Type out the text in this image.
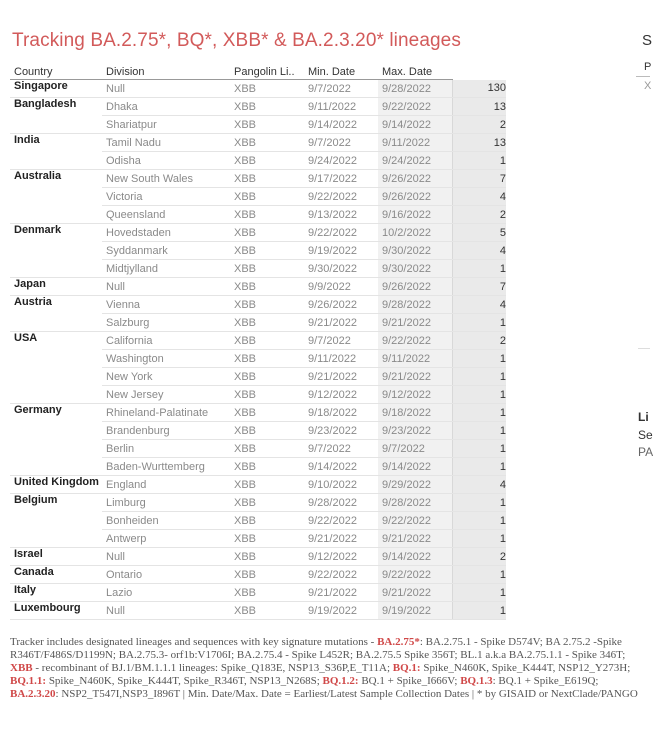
Tracking BA.2.75*, BQ*, XBB* & BA.2.3.20* lineages	S
P
X
Li
Se
PA
Country	Division	Pangolin Li..	Min. Date	Max. Date	
Singapore	Null	XBB	9/7/2022	9/28/2022	130
Bangladesh	Dhaka	XBB	9/11/2022	9/22/2022	13
	Shariatpur	XBB	9/14/2022	9/14/2022	2
India	Tamil Nadu	XBB	9/7/2022	9/11/2022	13
	Odisha	XBB	9/24/2022	9/24/2022	1
Australia	New South Wales	XBB	9/17/2022	9/26/2022	7
	Victoria	XBB	9/22/2022	9/26/2022	4
	Queensland	XBB	9/13/2022	9/16/2022	2
Denmark	Hovedstaden	XBB	9/22/2022	10/2/2022	5
	Syddanmark	XBB	9/19/2022	9/30/2022	4
	Midtjylland	XBB	9/30/2022	9/30/2022	1
Japan	Null	XBB	9/9/2022	9/26/2022	7
Austria	Vienna	XBB	9/26/2022	9/28/2022	4
	Salzburg	XBB	9/21/2022	9/21/2022	1
USA	California	XBB	9/7/2022	9/22/2022	2
	Washington	XBB	9/11/2022	9/11/2022	1
	New York	XBB	9/21/2022	9/21/2022	1
	New Jersey	XBB	9/12/2022	9/12/2022	1
Germany	Rhineland-Palatinate	XBB	9/18/2022	9/18/2022	1
	Brandenburg	XBB	9/23/2022	9/23/2022	1
	Berlin	XBB	9/7/2022	9/7/2022	1
	Baden-Wurttemberg	XBB	9/14/2022	9/14/2022	1
United Kingdom	England	XBB	9/10/2022	9/29/2022	4
Belgium	Limburg	XBB	9/28/2022	9/28/2022	1
	Bonheiden	XBB	9/22/2022	9/22/2022	1
	Antwerp	XBB	9/21/2022	9/21/2022	1
Israel	Null	XBB	9/12/2022	9/14/2022	2
Canada	Ontario	XBB	9/22/2022	9/22/2022	1
Italy	Lazio	XBB	9/21/2022	9/21/2022	1
Luxembourg	Null	XBB	9/19/2022	9/19/2022	1
Tracker includes designated lineages and sequences with key signature mutations - BA.2.75*: BA.2.75.1 - Spike D574V; BA 2.75.2 -Spike R346T/F486S/D1199N; BA.2.75.3- orf1b:V1706I; BA.2.75.4 - Spike L452R; BA.2.75.5 Spike 356T; BL.1 a.k.a BA.2.75.1.1 - Spike 346T; XBB - recombinant of BJ.1/BM.1.1.1 lineages: Spike_Q183E, NSP13_S36P,E_T11A; BQ.1: Spike_N460K, Spike_K444T, NSP12_Y273H; BQ.1.1: Spike_N460K, Spike_K444T, Spike_R346T, NSP13_N268S; BQ.1.2: BQ.1 + Spike_I666V; BQ.1.3: BQ.1 + Spike_E619Q; BA.2.3.20: NSP2_T547I,NSP3_I896T | Min. Date/Max. Date = Earliest/Latest Sample Collection Dates | * by GISAID or NextClade/PANGO
